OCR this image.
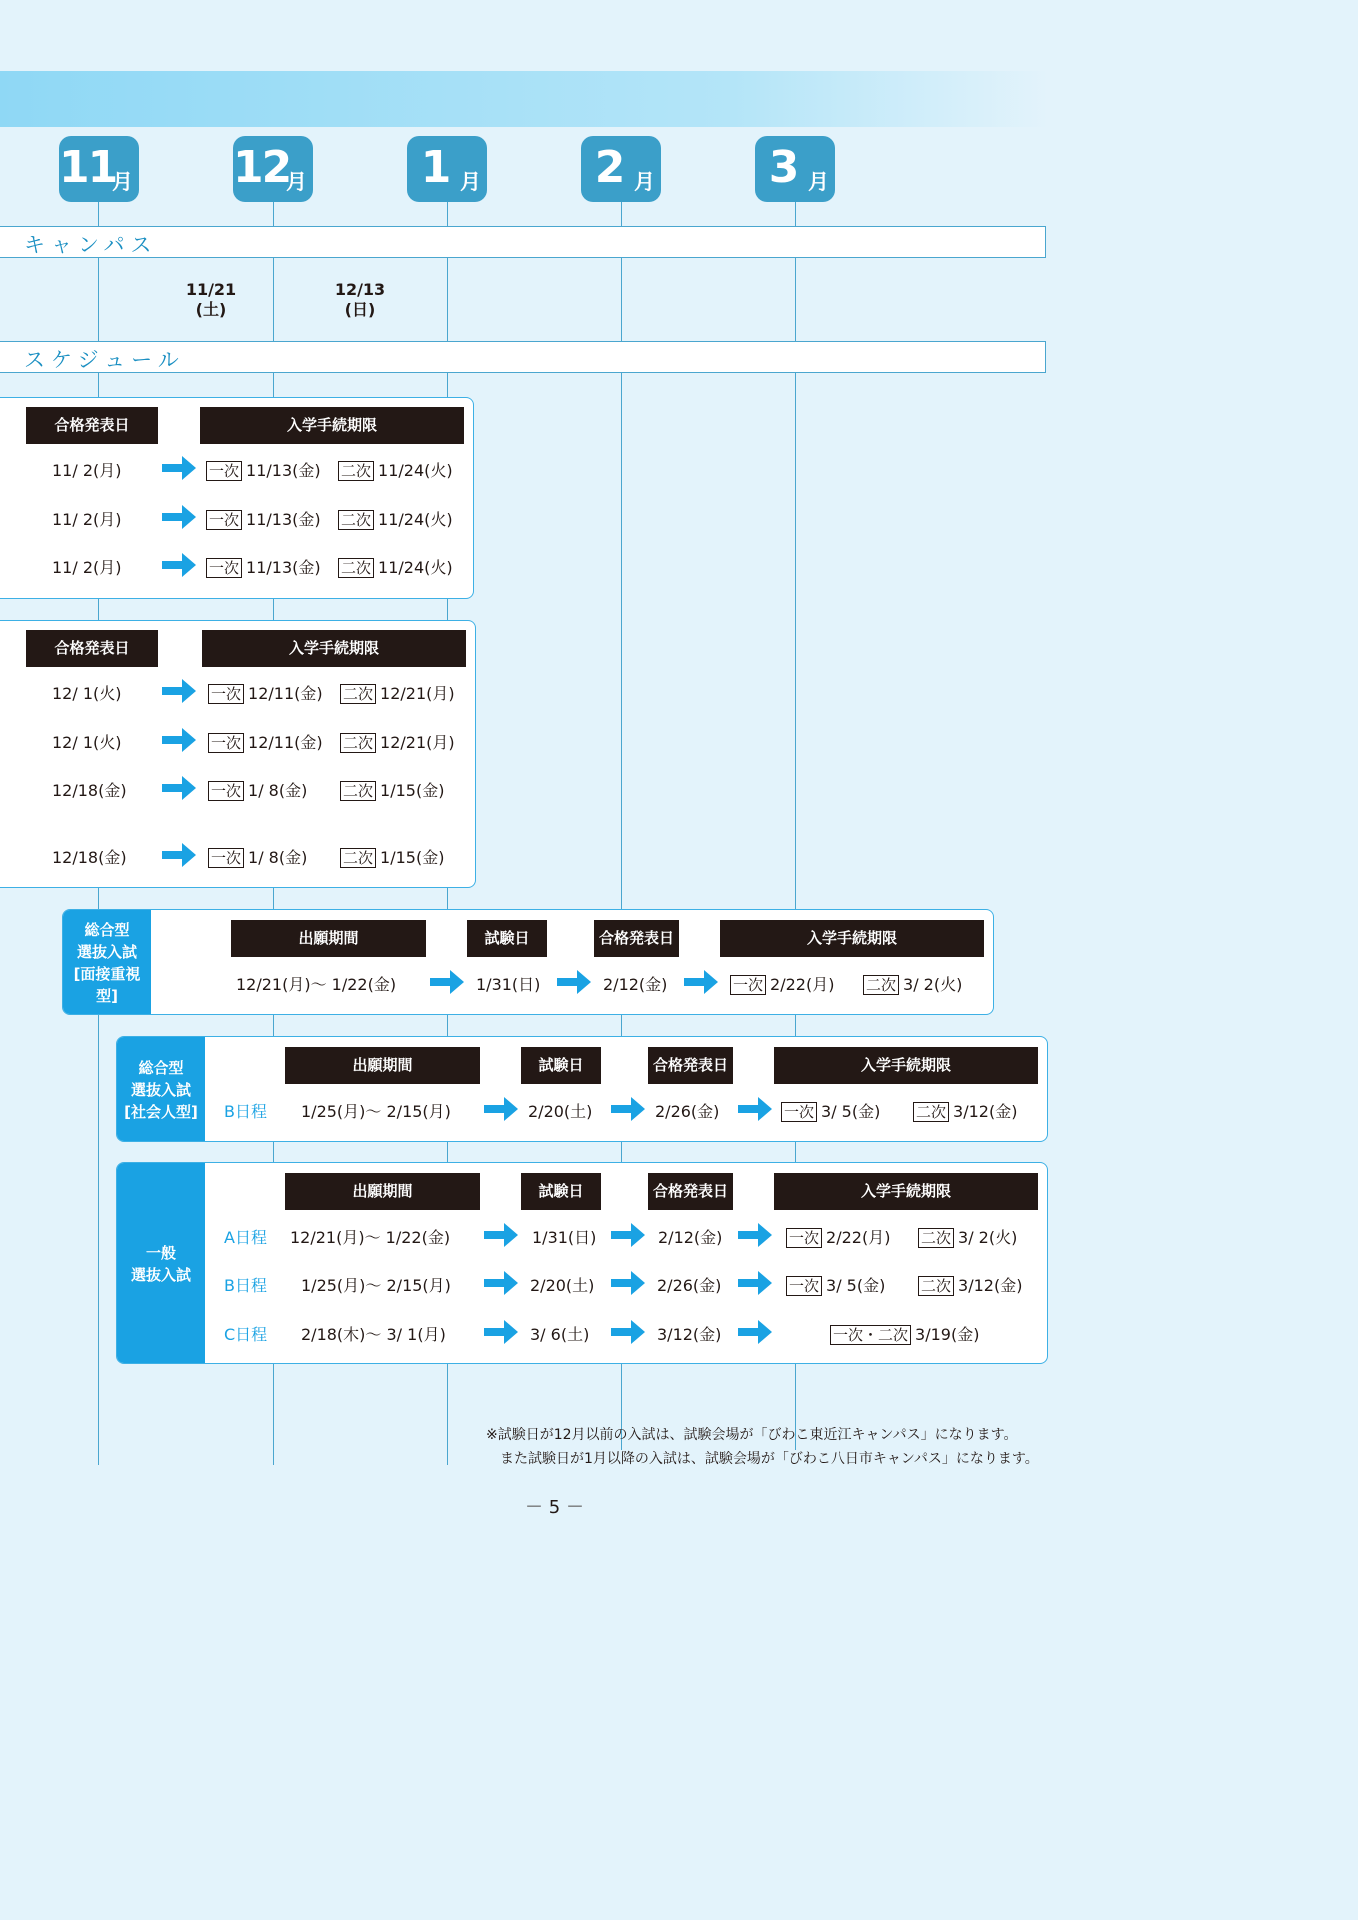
11
月 12
月	1 月	2 月	3 月
キャンパス
11/21
(土)
12/13
(日)
スケジュール
合格発表日	入学手続期限
11/ 2(月)	一次 11/13(金) 二次 11/24(火)
11/ 2(月)	一次 11/13(金) 二次 11/24(火)
11/ 2(月)	一次 11/13(金) 二次 11/24(火)
合格発表日	入学手続期限
12/ 1(火)	一次 12/11(金) 二次 12/21(月)
12/ 1(火)	一次 12/11(金) 二次 12/21(月)
12/18(金)	一次 1/ 8(金) 二次 1/15(金)
12/18(金)	一次 1/ 8(金) 二次 1/15(金)
総合型
選抜入試
[面接重視型]
出願期間	試験日	合格発表日	入学手続期限
12/21(月)～ 1/22(金)	1/31(日)	2/12(金)	一次 2/22(月) 二次 3/ 2(火)
総合型
選抜入試
[社会人型]
出願期間	試験日	合格発表日	入学手続期限
B日程 1/25(月)～ 2/15(月)	2/20(土)	2/26(金)	一次 3/ 5(金) 二次 3/12(金)
一般
選抜入試
出願期間	試験日	合格発表日	入学手続期限
A日程 12/21(月)～ 1/22(金)	1/31(日)	2/12(金)	一次 2/22(月) 二次 3/ 2(火)
B日程 1/25(月)～ 2/15(月)	2/20(土)	2/26(金)	一次 3/ 5(金) 二次 3/12(金)
C日程 2/18(木)～ 3/ 1(月)	3/ 6(土)	3/12(金)	一次・二次 3/19(金)
※試験日が12月以前の入試は、試験会場が「びわこ東近江キャンパス」になります。
また試験日が1月以降の入試は、試験会場が「びわこ八日市キャンパス」になります。
－ 5 －
